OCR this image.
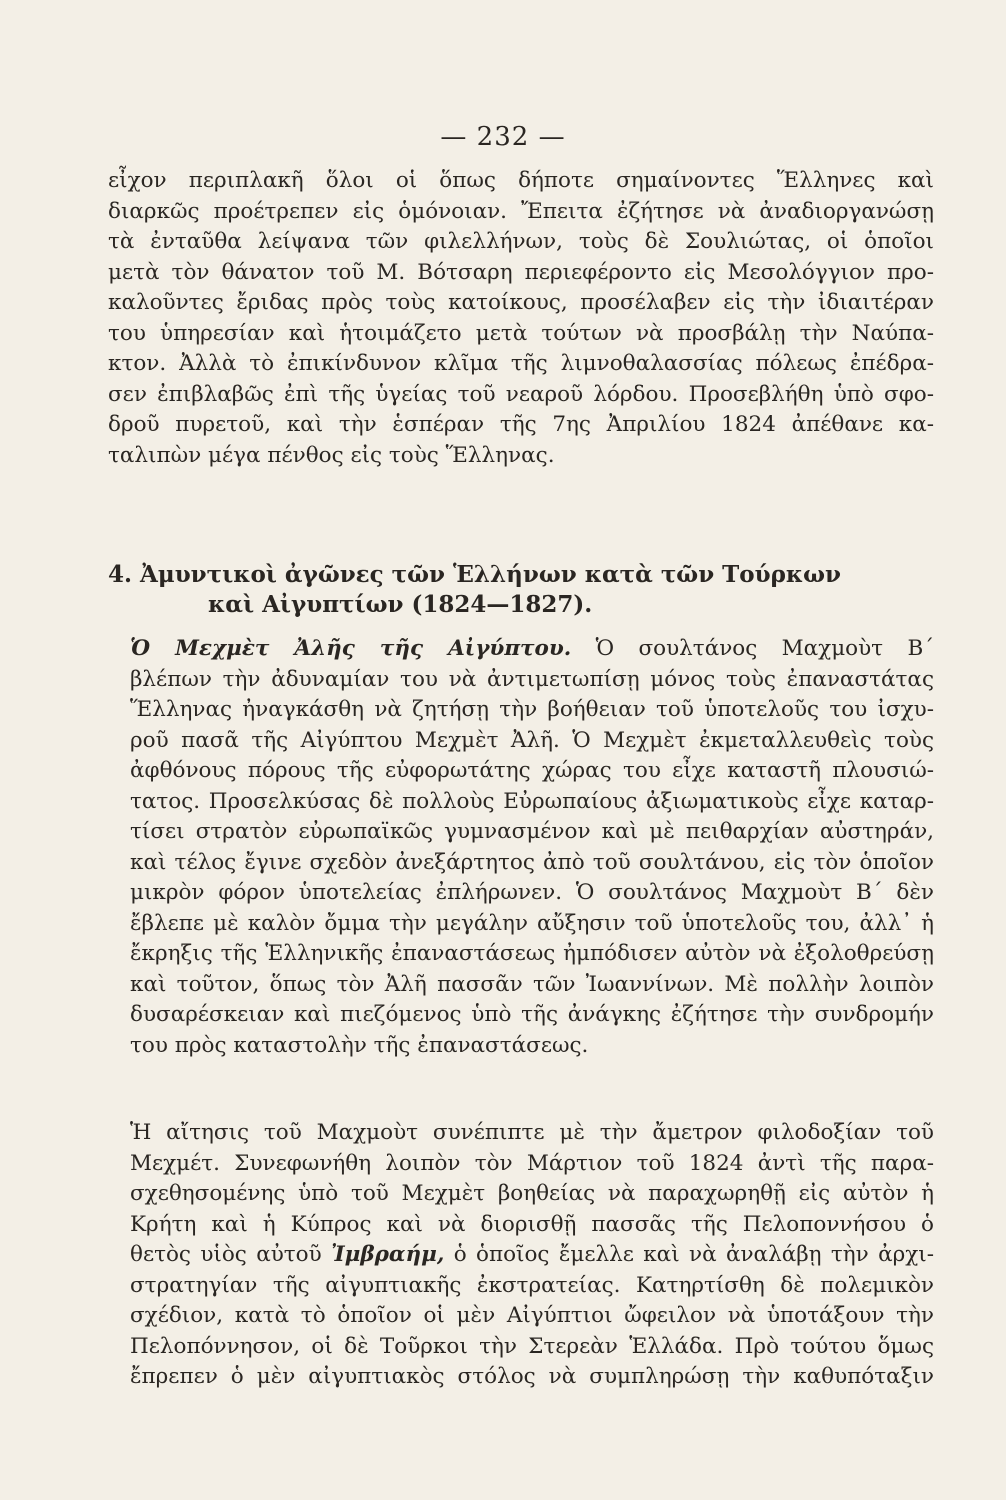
— 232 —
εἶχον περιπλακῆ ὅλοι οἱ ὅπως δήποτε σημαίνοντες Ἕλληνες καὶ
διαρκῶς προέτρεπεν εἰς ὁμόνοιαν. Ἔπειτα ἐζήτησε νὰ ἀναδιοργανώσῃ
τὰ ἐνταῦθα λείψανα τῶν φιλελλήνων, τοὺς δὲ Σουλιώτας, οἱ ὁποῖοι
μετὰ τὸν θάνατον τοῦ Μ. Βότσαρη περιεφέροντο εἰς Μεσολόγγιον προ-
καλοῦντες ἔριδας πρὸς τοὺς κατοίκους, προσέλαβεν εἰς τὴν ἰδιαιτέραν
του ὑπηρεσίαν καὶ ἡτοιμάζετο μετὰ τούτων νὰ προσβάλῃ τὴν Ναύπα-
κτον. Ἀλλὰ τὸ ἐπικίνδυνον κλῖμα τῆς λιμνοθαλασσίας πόλεως ἐπέδρα-
σεν ἐπιβλαβῶς ἐπὶ τῆς ὑγείας τοῦ νεαροῦ λόρδου. Προσεβλήθη ὑπὸ σφο-
δροῦ πυρετοῦ, καὶ τὴν ἑσπέραν τῆς 7ης Ἀπριλίου 1824 ἀπέθανε κα-
ταλιπὼν μέγα πένθος εἰς τοὺς Ἕλληνας.
4. Ἀμυντικοὶ ἀγῶνες τῶν Ἑλλήνων κατὰ τῶν Τούρκων
καὶ Αἰγυπτίων (1824—1827).
Ὁ Μεχμὲτ Ἀλῆς τῆς Αἰγύπτου. Ὁ σουλτάνος Μαχμοὺτ Β´
βλέπων τὴν ἀδυναμίαν του νὰ ἀντιμετωπίσῃ μόνος τοὺς ἐπαναστάτας
Ἕλληνας ἠναγκάσθη νὰ ζητήσῃ τὴν βοήθειαν τοῦ ὑποτελοῦς του ἰσχυ-
ροῦ πασᾶ τῆς Αἰγύπτου Μεχμὲτ Ἀλῆ. Ὁ Μεχμὲτ ἐκμεταλλευθεὶς τοὺς
ἀφθόνους πόρους τῆς εὐφορωτάτης χώρας του εἶχε καταστῆ πλουσιώ-
τατος. Προσελκύσας δὲ πολλοὺς Εὐρωπαίους ἀξιωματικοὺς εἶχε καταρ-
τίσει στρατὸν εὐρωπαϊκῶς γυμνασμένον καὶ μὲ πειθαρχίαν αὐστηράν,
καὶ τέλος ἔγινε σχεδὸν ἀνεξάρτητος ἀπὸ τοῦ σουλτάνου, εἰς τὸν ὁποῖον
μικρὸν φόρον ὑποτελείας ἐπλήρωνεν. Ὁ σουλτάνος Μαχμοὺτ Β´ δὲν
ἔβλεπε μὲ καλὸν ὄμμα τὴν μεγάλην αὔξησιν τοῦ ὑποτελοῦς του, ἀλλ᾽ ἡ
ἔκρηξις τῆς Ἑλληνικῆς ἐπαναστάσεως ἠμπόδισεν αὐτὸν νὰ ἐξολοθρεύσῃ
καὶ τοῦτον, ὅπως τὸν Ἀλῆ πασσᾶν τῶν Ἰωαννίνων. Μὲ πολλὴν λοιπὸν
δυσαρέσκειαν καὶ πιεζόμενος ὑπὸ τῆς ἀνάγκης ἐζήτησε τὴν συνδρομήν
του πρὸς καταστολὴν τῆς ἐπαναστάσεως.
Ἡ αἴτησις τοῦ Μαχμοὺτ συνέπιπτε μὲ τὴν ἄμετρον φιλοδοξίαν τοῦ
Μεχμέτ. Συνεφωνήθη λοιπὸν τὸν Μάρτιον τοῦ 1824 ἀντὶ τῆς παρα-
σχεθησομένης ὑπὸ τοῦ Μεχμὲτ βοηθείας νὰ παραχωρηθῇ εἰς αὐτὸν ἡ
Κρήτη καὶ ἡ Κύπρος καὶ νὰ διορισθῇ πασσᾶς τῆς Πελοποννήσου ὁ
θετὸς υἱὸς αὐτοῦ Ἰμβραήμ, ὁ ὁποῖος ἔμελλε καὶ νὰ ἀναλάβῃ τὴν ἀρχι-
στρατηγίαν τῆς αἰγυπτιακῆς ἐκστρατείας. Κατηρτίσθη δὲ πολεμικὸν
σχέδιον, κατὰ τὸ ὁποῖον οἱ μὲν Αἰγύπτιοι ὤφειλον νὰ ὑποτάξουν τὴν
Πελοπόννησον, οἱ δὲ Τοῦρκοι τὴν Στερεὰν Ἑλλάδα. Πρὸ τούτου ὅμως
ἔπρεπεν ὁ μὲν αἰγυπτιακὸς στόλος νὰ συμπληρώσῃ τὴν καθυπόταξιν
